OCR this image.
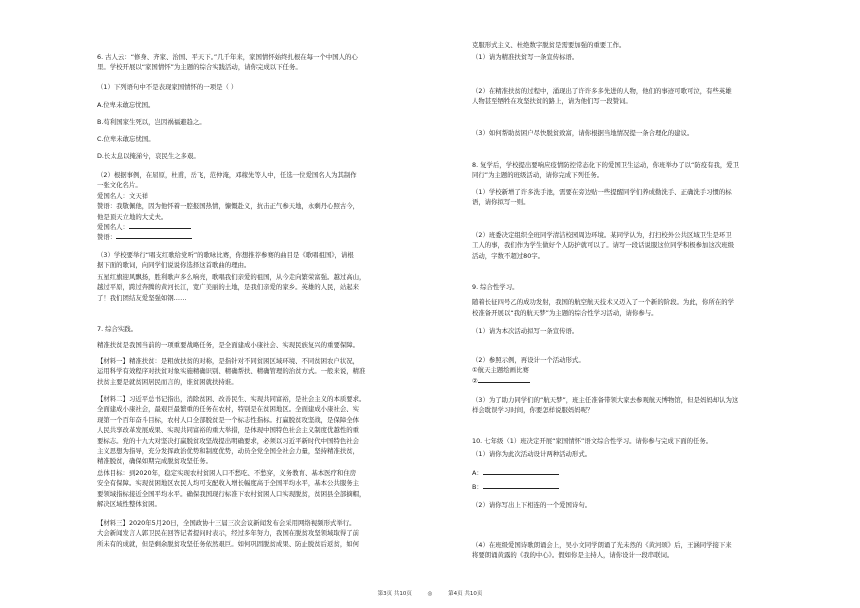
6. 古人云：“修身、齐家、治国、平天下。”几千年来，家国情怀始终扎根在每一个中国人的心

里。学校开展以“家国情怀”为主题的综合实践活动，请你完成以下任务。

（1）下列语句中不是表现家国情怀的一项是（ ）

A.位卑未敢忘忧国。

B.苟利国家生死以，岂因祸福避趋之。

C.位卑未敢忘忧国。

D.长太息以掩涕兮，哀民生之多艰。

（2）根据事例，在屈原，杜甫，岳飞，范仲淹，邓稼先等人中，任选一位爱国名人为其制作

一张文化名片。

爱国名人：文天祥

赞语：我敬佩他，因为他怀着一腔报国热情，慷慨赴义，抗击正气参天地，永剩丹心照古今，

他是顶天立地的大丈夫。

爱国名人：

赞语：

（3）学校要举行“唱支红歌给党听”的歌咏比赛，你想推荐参赛的曲目是《歌唱祖国》，请根

据下面的歌词，向同学们说说你选择这首歌曲的理由。

五星红旗迎风飘扬，胜利歌声多么响亮，歌唱我们亲爱的祖国，从今走向繁荣富强。越过高山，

越过平原，跨过奔腾的黄河长江，宽广美丽的土地，是我们亲爱的家乡。英雄的人民，站起来

了！我们团结友爱坚强如钢……

7. 综合实践。

精准扶贫是我国当前的一项重要战略任务，是全面建成小康社会、实现民族复兴的重要保障。

【材料一】精准扶贫：是粗放扶贫的对称，是指针对不同贫困区域环境、不同贫困农户状况，

运用科学有效程序对扶贫对象实施精确识别、精确帮扶、精确管理的治贫方式。一般来说，精准

扶贫主要是就贫困居民而言的，谁贫困就扶持谁。

【材料二】习近平总书记指出，消除贫困、改善民生、实现共同富裕，是社会主义的本质要求。

全面建成小康社会，最艰巨最繁重的任务在农村，特别是在贫困地区。全面建成小康社会、实

现第一个百年奋斗目标，农村人口全部脱贫是一个标志性指标。打赢脱贫攻坚战，是保障全体

人民共享改革发展成果、实现共同富裕的重大举措，是体现中国特色社会主义制度优越性的重

要标志。党的十九大对坚决打赢脱贫攻坚战提出明确要求，必须以习近平新时代中国特色社会

主义思想为指导，充分发挥政治优势和制度优势，动员全党全国全社会力量，坚持精准扶贫，

精准脱贫，确保如期完成脱贫攻坚任务。

总体目标：到2020年，稳定实现农村贫困人口不愁吃、不愁穿，义务教育、基本医疗和住房

安全有保障。实现贫困地区农民人均可支配收入增长幅度高于全国平均水平，基本公共服务主

要领域指标接近全国平均水平。确保我国现行标准下农村贫困人口实现脱贫，贫困县全部摘帽，

解决区域性整体贫困。

【材料三】2020年5月20日，全国政协十三届三次会议新闻发布会采用网络视频形式举行。

大会新闻发言人郭卫民在回答记者提问时表示，经过多年努力，我国在脱贫攻坚领域取得了前

所未有的成就，但是剩余脱贫攻坚任务依然艰巨。如何巩固脱贫成果、防止脱贫后返贫，如何

克服形式主义、杜绝数字脱贫是需要加强的重要工作。

（1）请为精准扶贫写一条宣传标语。

（2）在精准扶贫的过程中，涌现出了许许多多先进的人物，他们的事迹可歌可泣，有些英雄

人物甚至牺牲在攻坚扶贫的路上，请为他们写一段赞词。

（3）如何帮助贫困户尽快脱贫致富，请你根据当地情况提一条合理化的建议。

8. 复学后，学校提出要响应疫情防控常态化下的爱国卫生运动，你班举办了以“防疫有我，爱卫

同行”为主题的班级活动，请你完成下列任务。

（1）学校新增了许多洗手池，需要在旁边贴一些提醒同学们养成勤洗手、正确洗手习惯的标

语，请你拟写一则。

（2）班委决定组织全班同学清洁校园周边环境。某同学认为，打扫校外公共区域卫生是环卫

工人的事，我们作为学生做好个人防护就可以了。请写一段话说服这位同学积极参加这次班级

活动，字数不超过80字。

9. 综合性学习。

随着长征四号乙的成功发射，我国的航空航天技术又迈入了一个新的阶段。为此，你所在的学

校准备开展以“我的航天梦”为主题的综合性学习活动，请你参与。

（1）请为本次活动拟写一条宣传语。

（2）参照示例，再设计一个活动形式。

①航天主题绘画比赛

②

（3）为了助力同学们的“航天梦”，班主任准备带领大家去参观航天博物馆，但是妈妈却认为这

样会耽误学习时间，你要怎样说服妈妈呢？

10. 七年级（1）班决定开展“家国情怀”语文综合性学习。请你参与完成下面的任务。

（1）请你为此次活动设计两种活动形式。

A：

B：

（2）请你写出上下相连的一个爱国诗句。

（4）在班级爱国诗歌朗诵会上，吴小文同学朗诵了光未然的《黄河颂》后，王涵同学接下来

将要朗诵黄露的《我的中心》。假如你是主持人，请你设计一段串联词。

第3页 共10页	◎	第4页 共10页
